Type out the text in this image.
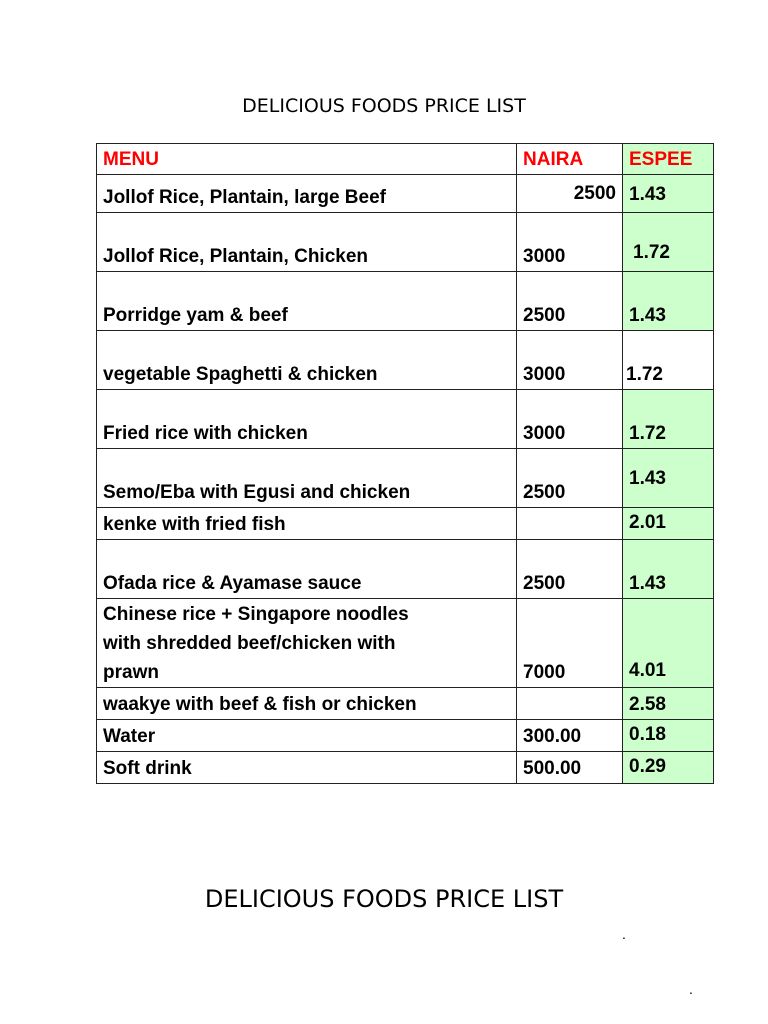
DELICIOUS FOODS PRICE LIST
MENU	NAIRA	ESPEE
Jollof Rice, Plantain, large Beef	2500	1.43
Jollof Rice, Plantain, Chicken	3000	1.72
Porridge yam & beef	2500	1.43
vegetable Spaghetti & chicken	3000	1.72
Fried rice with chicken	3000	1.72
Semo/Eba with Egusi and chicken	2500	1.43
kenke with fried fish		2.01
Ofada rice & Ayamase sauce	2500	1.43

Chinese rice + Singapore noodles
with shredded beef/chicken with
prawn	7000	4.01
waakye with beef & fish or chicken		2.58
Water	300.00	0.18
Soft drink	500.00	0.29
DELICIOUS FOODS PRICE LIST
.
.
